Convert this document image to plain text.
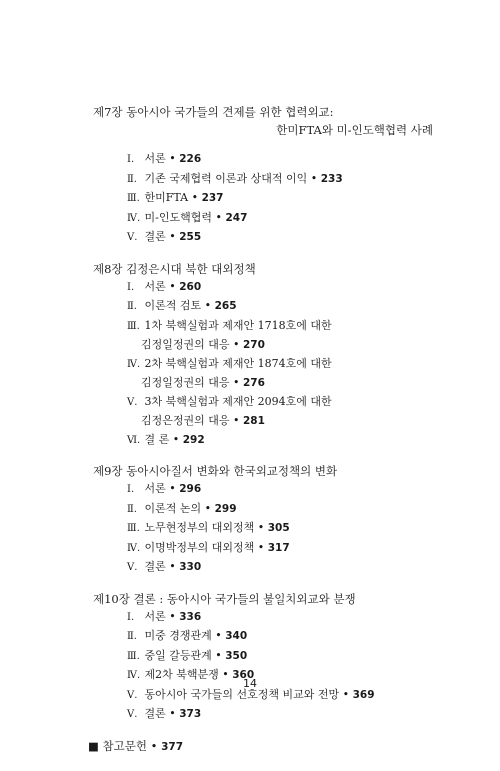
제7장 동아시아 국가들의 견제를 위한 협력외교:

한미FTA와 미-인도핵협력 사례

Ⅰ. 서론 • 226
Ⅱ. 기존 국제협력 이론과 상대적 이익 • 233
Ⅲ. 한미FTA • 237
Ⅳ. 미-인도핵협력 • 247
Ⅴ. 결론 • 255

제8장 김정은시대 북한 대외정책

Ⅰ. 서론 • 260
Ⅱ. 이론적 검토 • 265
Ⅲ. 1차 북핵실험과 제재안 1718호에 대한
김정일정권의 대응 • 270
Ⅳ. 2차 북핵실험과 제재안 1874호에 대한
김정일정권의 대응 • 276
Ⅴ. 3차 북핵실험과 제재안 2094호에 대한
김정은정권의 대응 • 281
Ⅵ. 결 론 • 292

제9장 동아시아질서 변화와 한국외교정책의 변화

Ⅰ. 서론 • 296
Ⅱ. 이론적 논의 • 299
Ⅲ. 노무현정부의 대외정책 • 305
Ⅳ. 이명박정부의 대외정책 • 317
Ⅴ. 결론 • 330

제10장 결론 : 동아시아 국가들의 불일치외교와 분쟁

Ⅰ. 서론 • 336
Ⅱ. 미중 경쟁관계 • 340
Ⅲ. 중일 갈등관계 • 350
Ⅳ. 제2차 북핵분쟁 • 360
Ⅴ. 동아시아 국가들의 선호정책 비교와 전망 • 369
Ⅴ. 결론 • 373
■ 참고문헌 • 377
14
